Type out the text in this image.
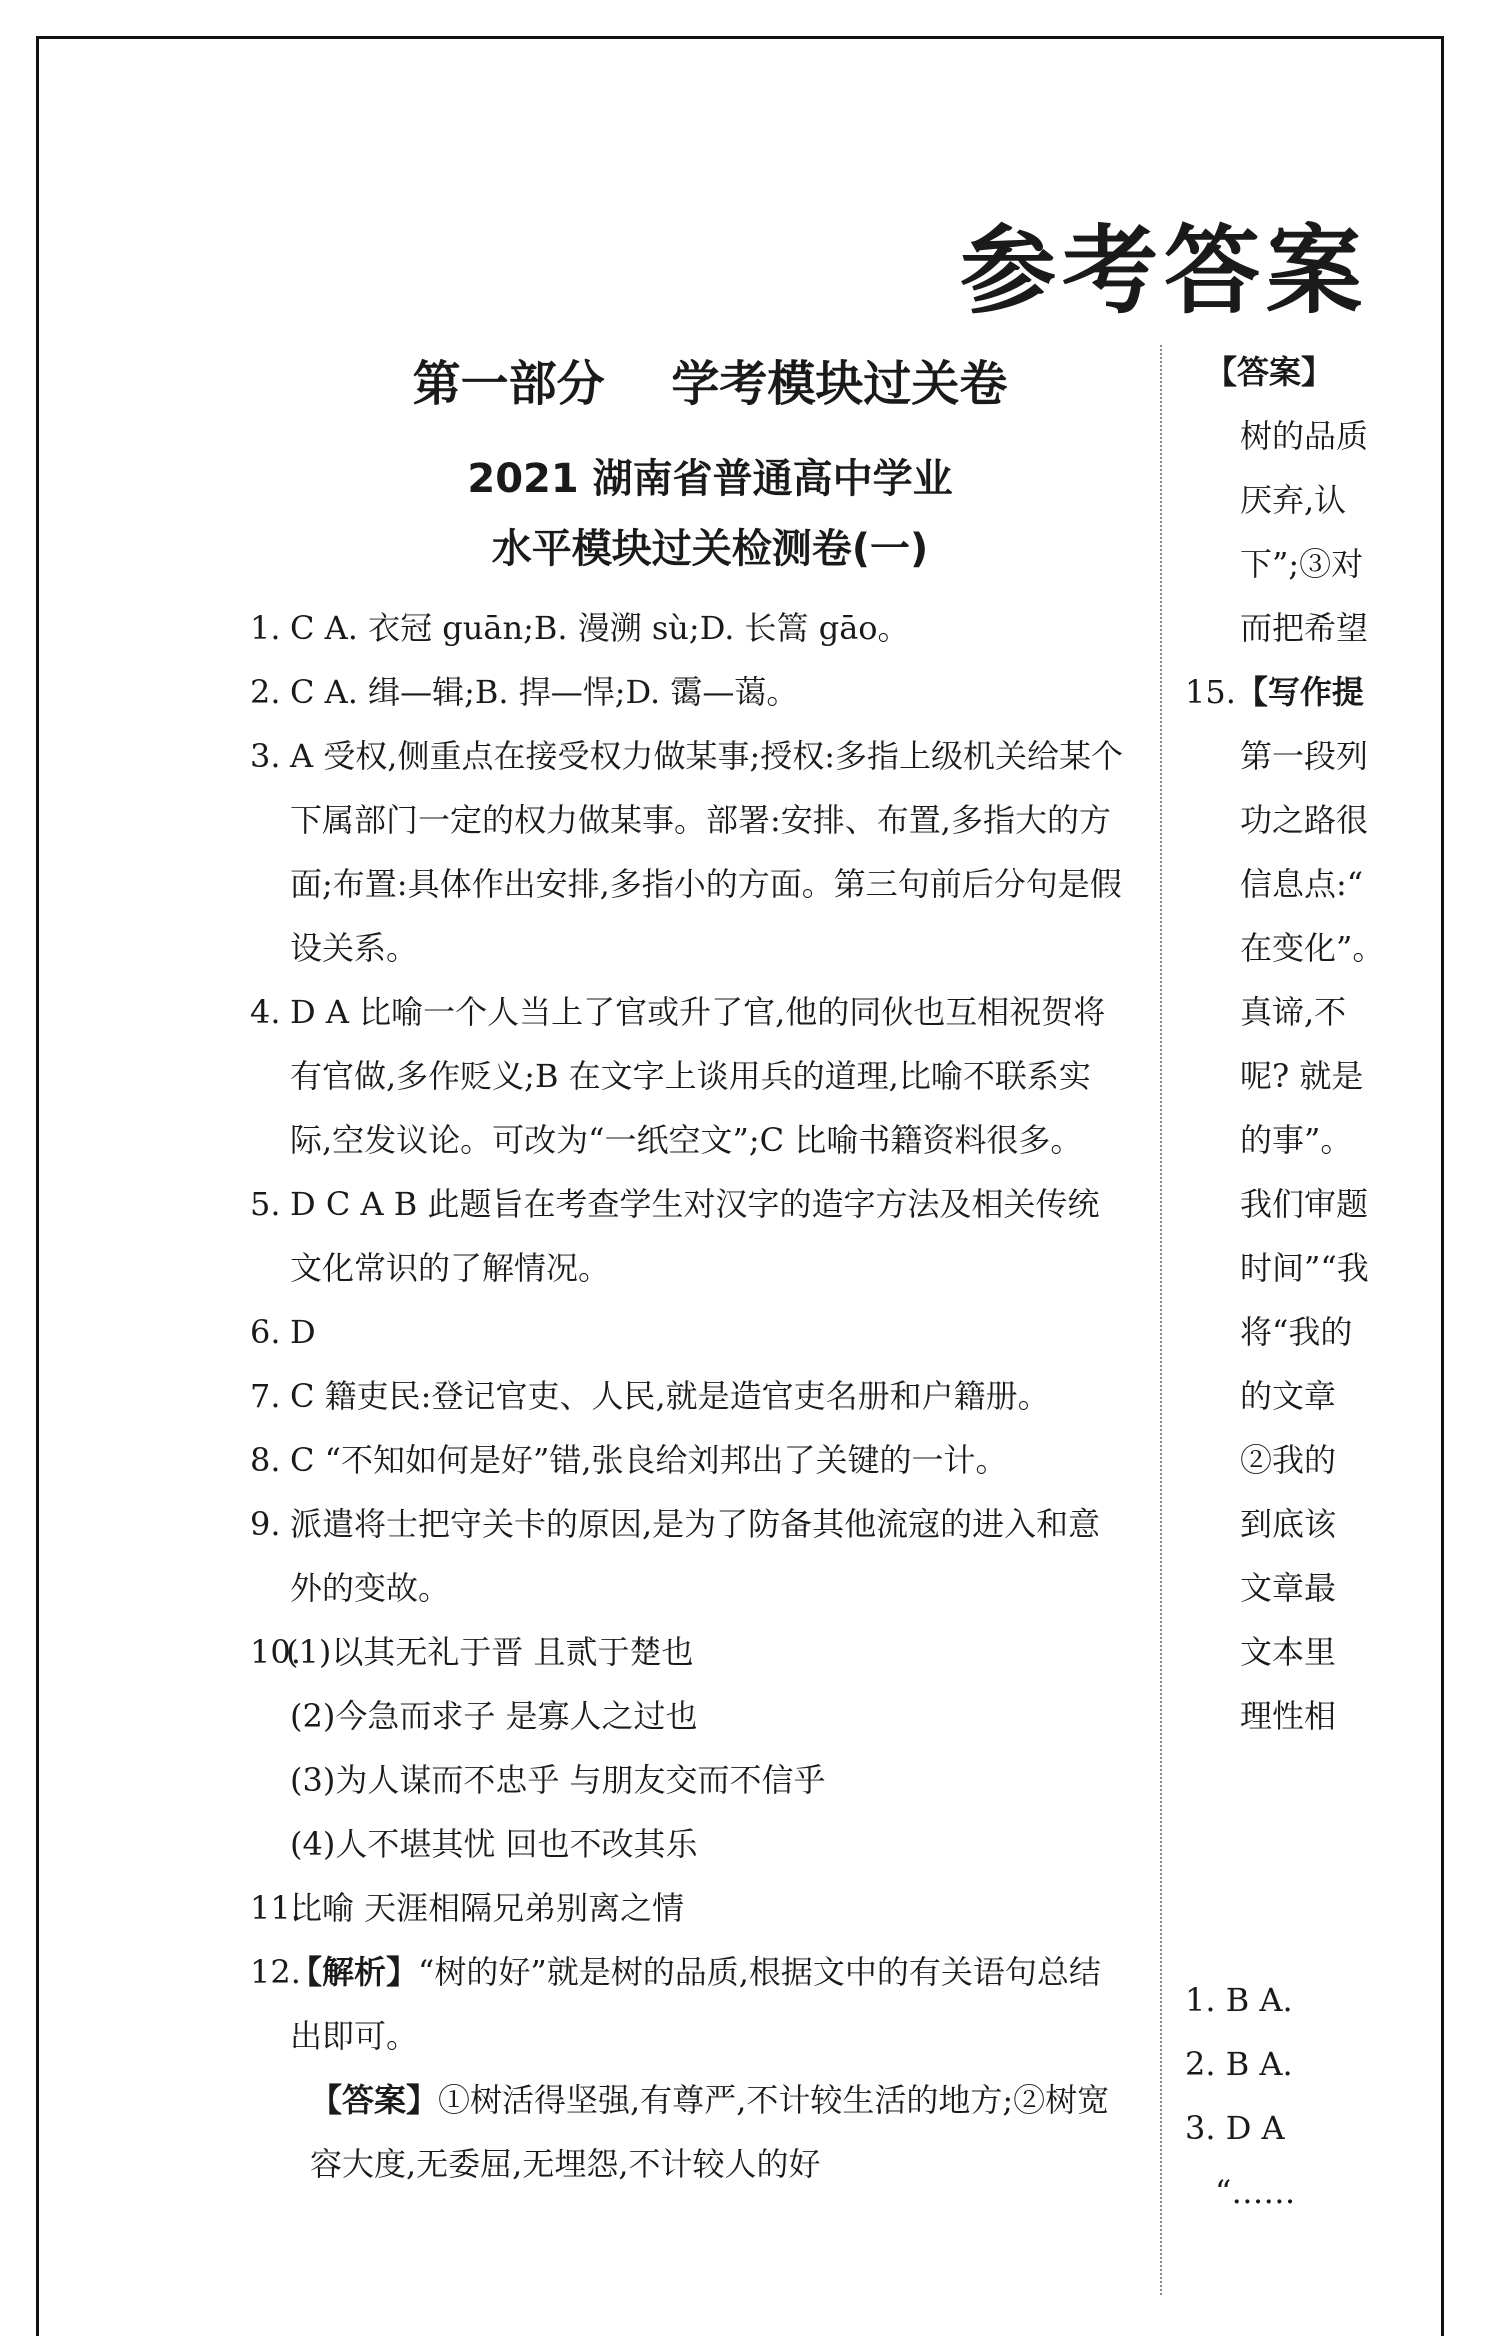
参考答案
第一部分    学考模块过关卷
2021 湖南省普通高中学业
水平模块过关检测卷(一)
1. C A. 衣冠 guān;B. 漫溯 sù;D. 长篙 gāo。
2. C A. 缉—辑;B. 捍—悍;D. 霭—蔼。
3. A 受权,侧重点在接受权力做某事;授权:多指上级机关给某个下属部门一定的权力做某事。部署:安排、布置,多指大的方面;布置:具体作出安排,多指小的方面。第三句前后分句是假设关系。
4. D A 比喻一个人当上了官或升了官,他的同伙也互相祝贺将有官做,多作贬义;B 在文字上谈用兵的道理,比喻不联系实际,空发议论。可改为“一纸空文”;C 比喻书籍资料很多。
5. D C A B 此题旨在考查学生对汉字的造字方法及相关传统文化常识的了解情况。
6. D
7. C 籍吏民:登记官吏、人民,就是造官吏名册和户籍册。
8. C “不知如何是好”错,张良给刘邦出了关键的一计。
9. 派遣将士把守关卡的原因,是为了防备其他流寇的进入和意外的变故。
10.
(1)以其无礼于晋 且贰于楚也
(2)今急而求子 是寡人之过也
(3)为人谋而不忠乎 与朋友交而不信乎
(4)人不堪其忧 回也不改其乐
11.
比喻 天涯相隔兄弟别离之情
12.
【解析】“树的好”就是树的品质,根据文中的有关语句总结出即可。
【答案】①树活得坚强,有尊严,不计较生活的地方;②树宽容大度,无委屈,无埋怨,不计较人的好
【答案】
树的品质
厌弃,认
下”;③对
而把希望
15.【写作提
第一段列
功之路很
信息点:“
在变化”。
真谛,不
呢? 就是
的事”。
我们审题
时间”“我
将“我的
的文章
②我的
到底该
文章最
文本里
理性相
1. B A.
2. B A.
3. D A
“……
